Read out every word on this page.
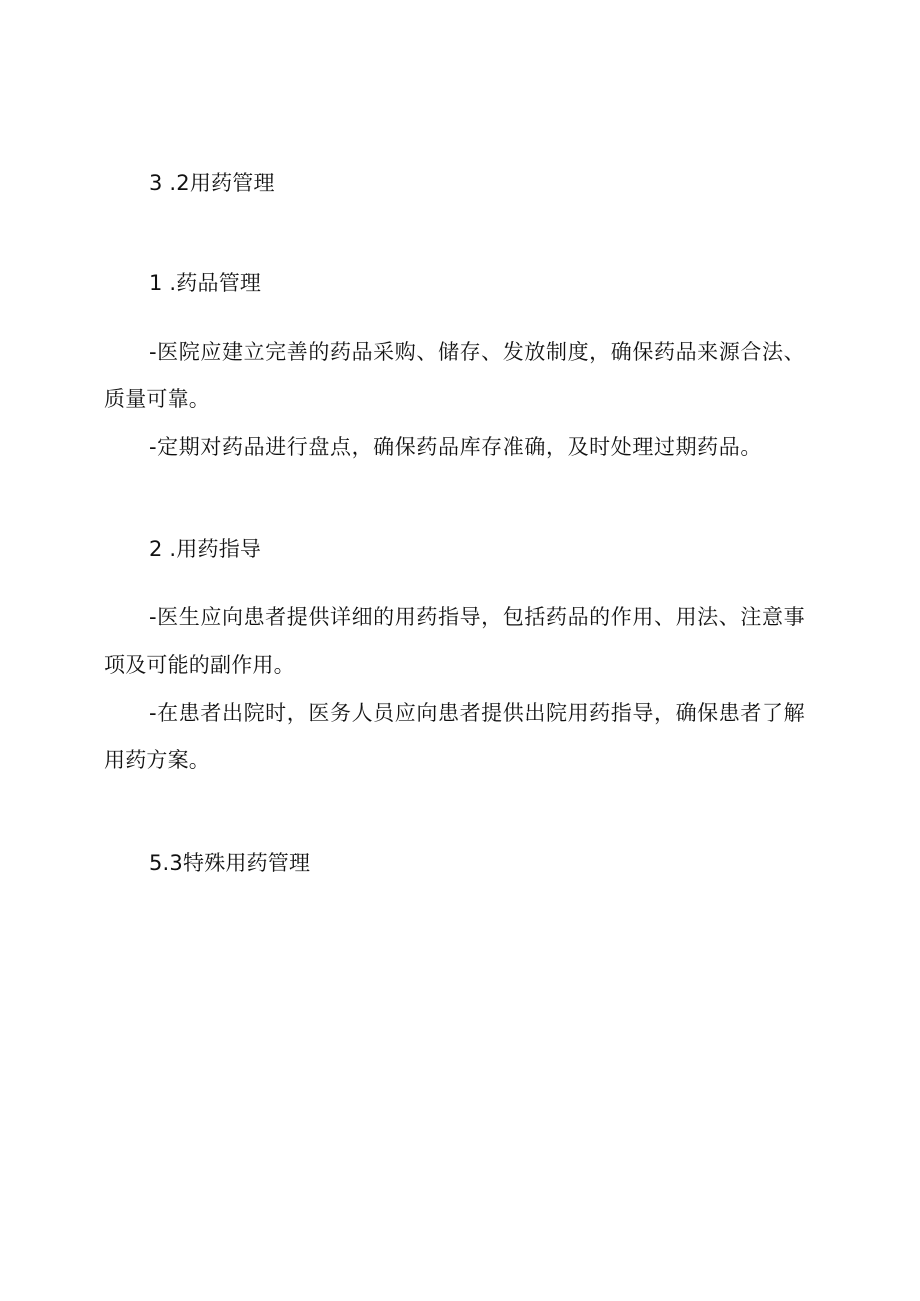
3 .2用药管理
1 .药品管理
-医院应建立完善的药品采购、储存、发放制度，确保药品来源合法、
质量可靠。
-定期对药品进行盘点，确保药品库存准确，及时处理过期药品。
2 .用药指导
-医生应向患者提供详细的用药指导，包括药品的作用、用法、注意事
项及可能的副作用。
-在患者出院时，医务人员应向患者提供出院用药指导，确保患者了解
用药方案。
5.3特殊用药管理
